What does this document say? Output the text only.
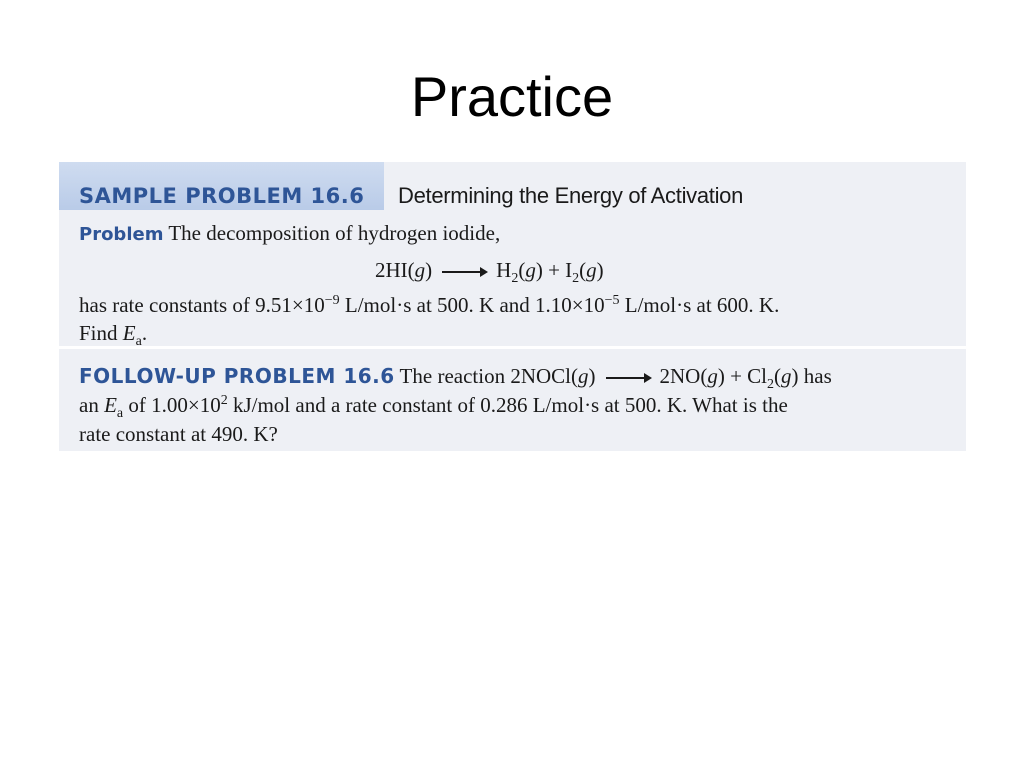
Practice
SAMPLE PROBLEM 16.6 Determining the Energy of Activation
Problem The decomposition of hydrogen iodide,
$2HI(g) \to H_2(g) + I_2(g)$
has rate constants of $9.51\times 10^{-9}$ L/mol·s at 500. K and $1.10\times 10^{-5}$ L/mol·s at 600. K.
Find $E_a$.
FOLLOW-UP PROBLEM 16.6 The reaction 2NOCl(g)	$2NO(g) + Cl_2(g)$ has
an $E_a$ of $1.00\times 10^2$ kJ/mol and a rate constant of 0.286 L/mol·s at 500. K. What is the
rate constant at 490. K?
